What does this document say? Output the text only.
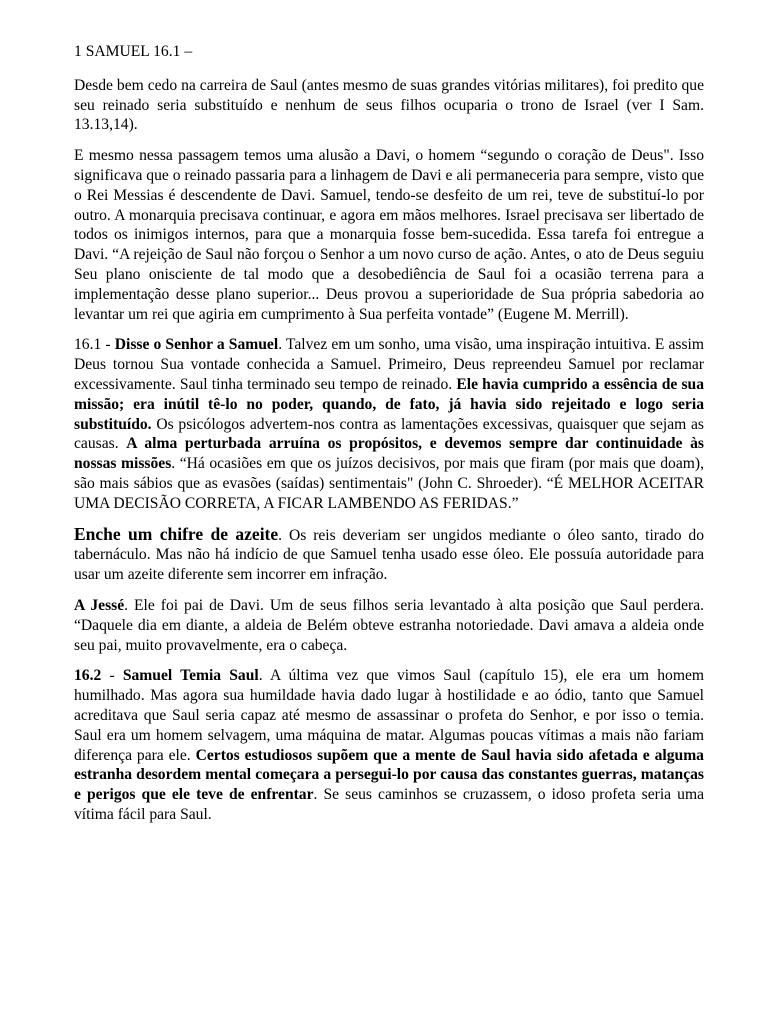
1 SAMUEL 16.1 –

Desde bem cedo na carreira de Saul (antes mesmo de suas grandes vitórias militares), foi predito que seu reinado seria substituído e nenhum de seus filhos ocuparia o trono de Israel (ver I Sam. 13.13,14).

E mesmo nessa passagem temos uma alusão a Davi, o homem “segundo o coração de Deus". Isso significava que o reinado passaria para a linhagem de Davi e ali permaneceria para sempre, visto que o Rei Messias é descendente de Davi. Samuel, tendo-se desfeito de um rei, teve de substituí-lo por outro. A monarquia precisava continuar, e agora em mãos melhores. Israel precisava ser libertado de todos os inimigos internos, para que a monarquia fosse bem-sucedida. Essa tarefa foi entregue a Davi. “A rejeição de Saul não forçou o Senhor a um novo curso de ação. Antes, o ato de Deus seguiu Seu plano onisciente de tal modo que a desobediência de Saul foi a ocasião terrena para a implementação desse plano superior... Deus provou a superioridade de Sua própria sabedoria ao levantar um rei que agiria em cumprimento à Sua perfeita vontade” (Eugene M. Merrill).

16.1 - Disse o Senhor a Samuel. Talvez em um sonho, uma visão, uma inspiração intuitiva. E assim Deus tornou Sua vontade conhecida a Samuel. Primeiro, Deus repreendeu Samuel por reclamar excessivamente. Saul tinha terminado seu tempo de reinado. Ele havia cumprido a essência de sua missão; era inútil tê-lo no poder, quando, de fato, já havia sido rejeitado e logo seria substituído. Os psicólogos advertem-nos contra as lamentações excessivas, quaisquer que sejam as causas. A alma perturbada arruína os propósitos, e devemos sempre dar continuidade às nossas missões. “Há ocasiões em que os juízos decisivos, por mais que firam (por mais que doam), são mais sábios que as evasões (saídas) sentimentais" (John C. Shroeder). “É MELHOR ACEITAR UMA DECISÃO CORRETA, A FICAR LAMBENDO AS FERIDAS.”

Enche um chifre de azeite. Os reis deveriam ser ungidos mediante o óleo santo, tirado do tabernáculo. Mas não há indício de que Samuel tenha usado esse óleo. Ele possuía autoridade para usar um azeite diferente sem incorrer em infração.

A Jessé. Ele foi pai de Davi. Um de seus filhos seria levantado à alta posição que Saul perdera. “Daquele dia em diante, a aldeia de Belém obteve estranha notoriedade. Davi amava a aldeia onde seu pai, muito provavelmente, era o cabeça.

16.2 - Samuel Temia Saul. A última vez que vimos Saul (capítulo 15), ele era um homem humilhado. Mas agora sua humildade havia dado lugar à hostilidade e ao ódio, tanto que Samuel acreditava que Saul seria capaz até mesmo de assassinar o profeta do Senhor, e por isso o temia. Saul era um homem selvagem, uma máquina de matar. Algumas poucas vítimas a mais não fariam diferença para ele. Certos estudiosos supõem que a mente de Saul havia sido afetada e alguma estranha desordem mental começara a persegui-lo por causa das constantes guerras, matanças e perigos que ele teve de enfrentar. Se seus caminhos se cruzassem, o idoso profeta seria uma vítima fácil para Saul.
